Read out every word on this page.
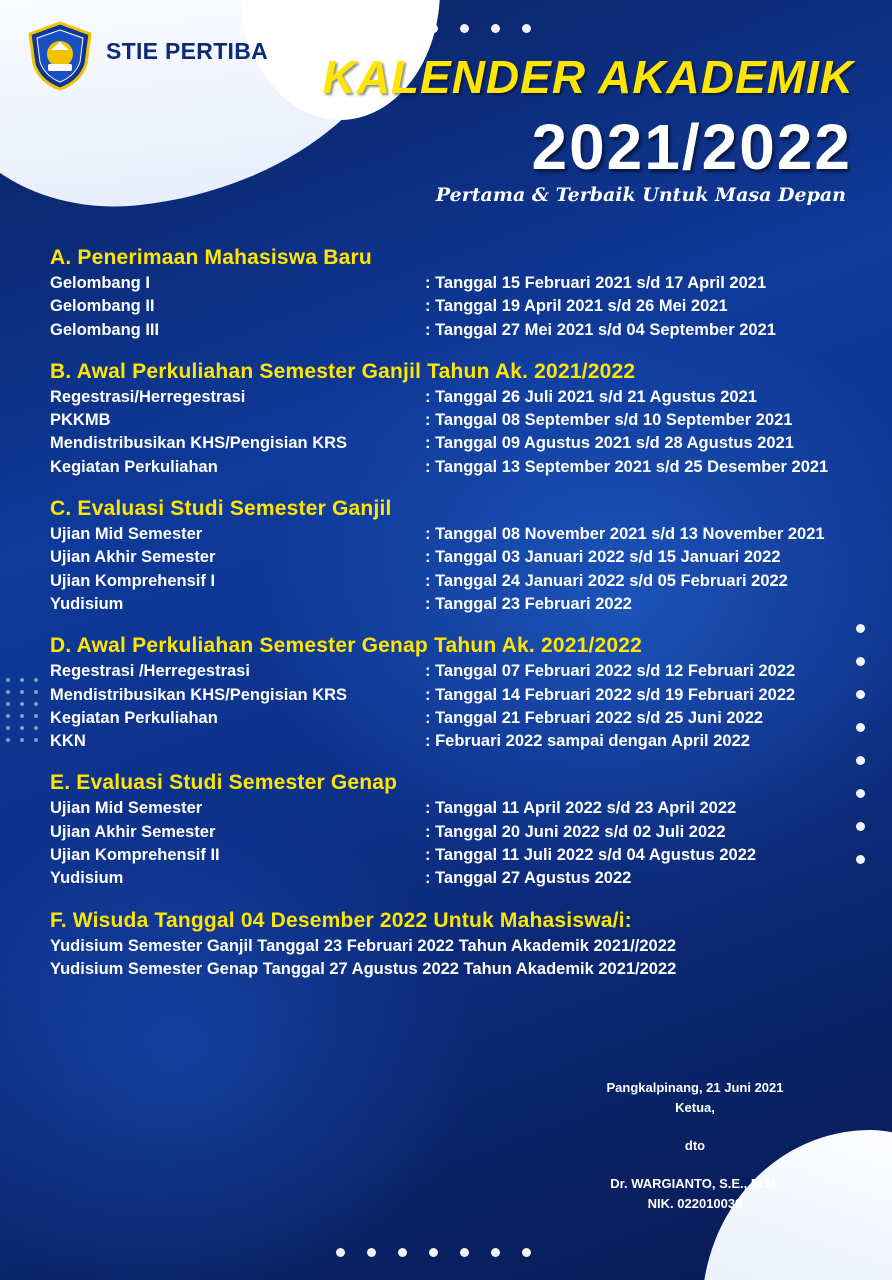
STIE PERTIBA
KALENDER AKADEMIK
2021/2022
Pertama & Terbaik Untuk Masa Depan
A. Penerimaan Mahasiswa Baru
Gelombang I	: Tanggal 15 Februari 2021 s/d 17 April 2021
Gelombang II	: Tanggal 19 April 2021 s/d 26 Mei 2021
Gelombang III	: Tanggal 27 Mei 2021 s/d 04 September 2021
B. Awal Perkuliahan Semester Ganjil Tahun Ak. 2021/2022
Regestrasi/Herregestrasi	: Tanggal 26 Juli 2021 s/d 21 Agustus 2021
PKKMB	: Tanggal 08 September s/d 10 September 2021
Mendistribusikan KHS/Pengisian KRS	: Tanggal 09 Agustus 2021 s/d 28 Agustus 2021
Kegiatan Perkuliahan	: Tanggal 13 September 2021 s/d 25 Desember 2021
C. Evaluasi Studi Semester Ganjil
Ujian Mid Semester	: Tanggal 08 November 2021 s/d 13 November 2021
Ujian Akhir Semester	: Tanggal 03 Januari 2022 s/d 15 Januari 2022
Ujian Komprehensif I	: Tanggal 24 Januari 2022 s/d 05 Februari 2022
Yudisium	: Tanggal 23 Februari 2022
D. Awal Perkuliahan Semester Genap Tahun Ak. 2021/2022
Regestrasi /Herregestrasi	: Tanggal 07 Februari 2022 s/d 12 Februari 2022
Mendistribusikan KHS/Pengisian KRS	: Tanggal 14 Februari 2022 s/d 19 Februari 2022
Kegiatan Perkuliahan	: Tanggal 21 Februari 2022 s/d 25 Juni 2022
KKN	: Februari 2022 sampai dengan April 2022
E. Evaluasi Studi Semester Genap
Ujian Mid Semester	: Tanggal 11 April 2022 s/d 23 April 2022
Ujian Akhir Semester	: Tanggal 20 Juni 2022 s/d 02 Juli 2022
Ujian Komprehensif II	: Tanggal 11 Juli 2022 s/d 04 Agustus 2022
Yudisium	: Tanggal 27 Agustus 2022
F. Wisuda Tanggal 04 Desember 2022 Untuk Mahasiswa/i:
Yudisium Semester Ganjil Tanggal 23 Februari 2022 Tahun Akademik 2021//2022
Yudisium Semester Genap Tanggal 27 Agustus 2022 Tahun Akademik 2021/2022
Pangkalpinang, 21 Juni 2021
Ketua,
dto
Dr. WARGIANTO, S.E., M.M.
NIK. 022010039
